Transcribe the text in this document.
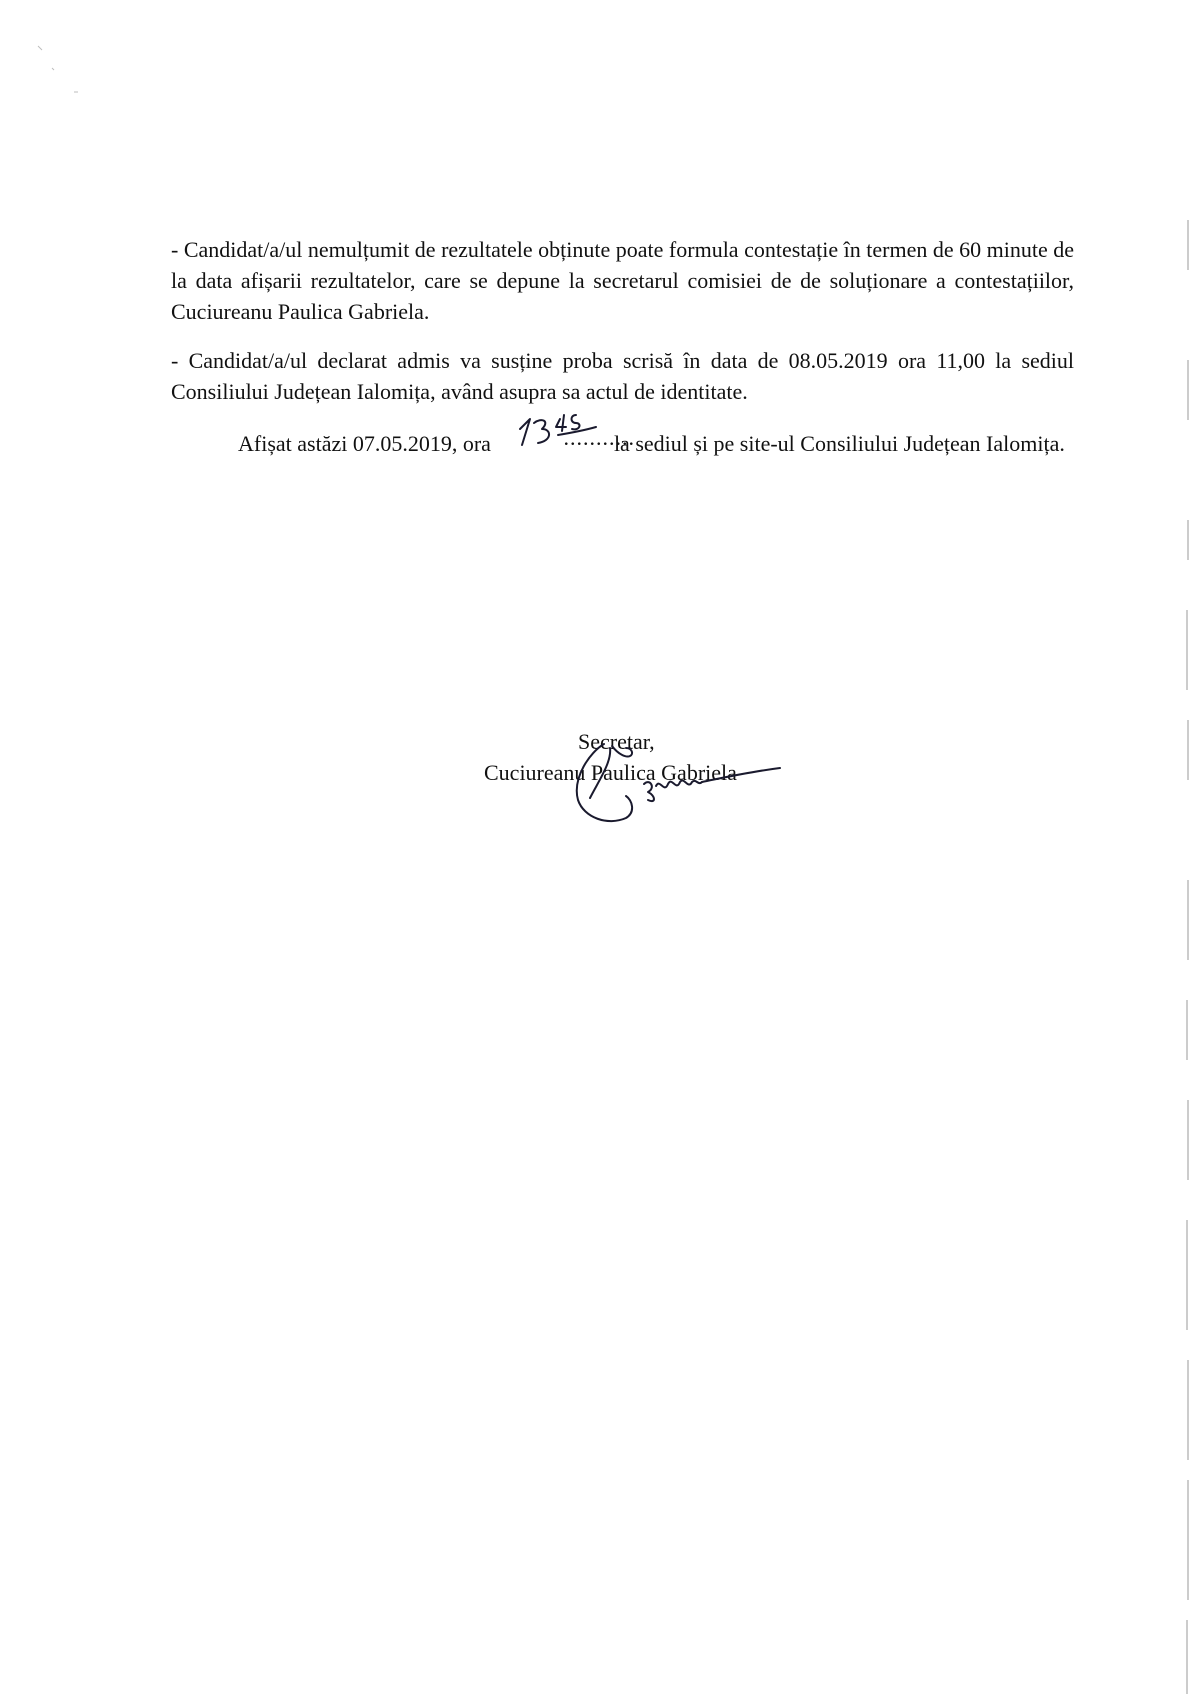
- Candidat/a/ul nemulțumit de rezultatele obținute poate formula contestație în termen de 60 minute de la data afișarii rezultatelor, care se depune la secretarul comisiei de de soluționare a contestațiilor, Cuciureanu Paulica Gabriela.

- Candidat/a/ul declarat admis va susține proba scrisă în data de 08.05.2019 ora 11,00 la sediul Consiliului Județean Ialomița, având asupra sa actul de identitate.

Afișat astăzi 07.05.2019, ora	...........
la sediul și pe site-ul Consiliului Județean Ialomița.

Secretar,
Cuciureanu Paulica Gabriela
